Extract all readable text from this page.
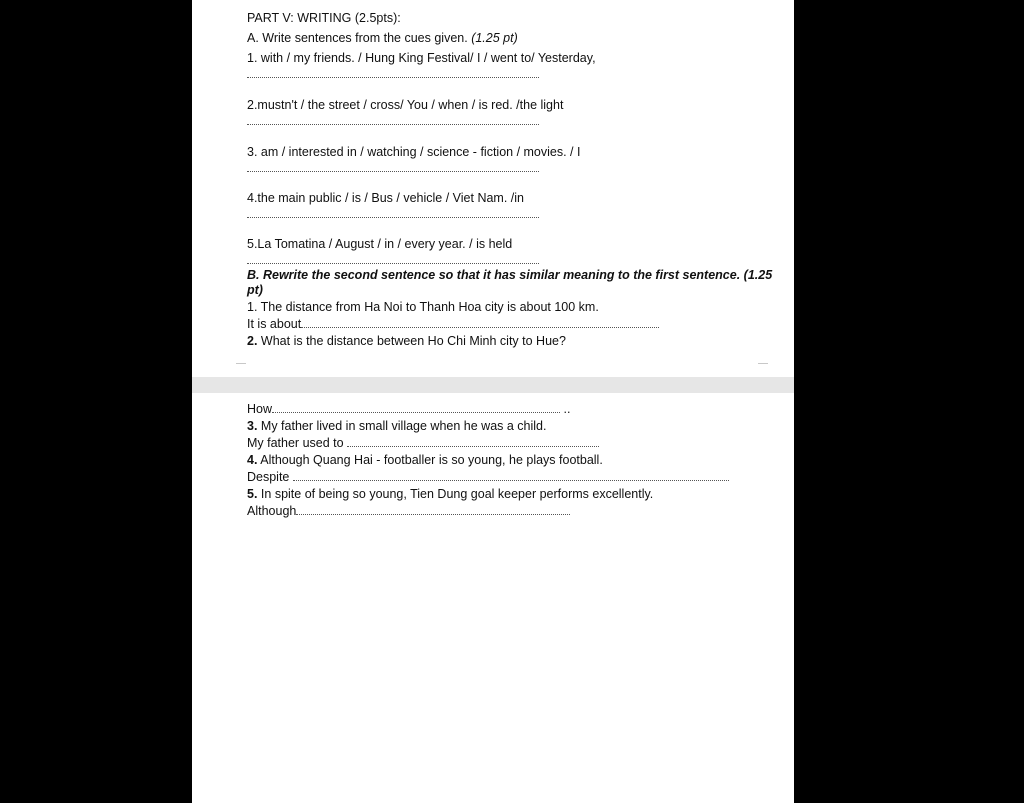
PART V: WRITING (2.5pts):
A. Write sentences from the cues given. (1.25 pt)
1. with / my friends. / Hung King Festival/ I / went to/ Yesterday,
2.mustn't / the street / cross/ You / when / is red. /the light
3. am / interested in / watching / science - fiction / movies. / I
4.the main public / is / Bus / vehicle / Viet Nam. /in
5.La Tomatina / August / in / every year. / is held
B. Rewrite the second sentence so that it has similar meaning to the first sentence. (1.25
pt)
1. The distance from Ha Noi to Thanh Hoa city is about 100 km.
It is about
2. What is the distance between Ho Chi Minh city to Hue?
How	..
3. My father lived in small village when he was a child.
My father used to
4. Although Quang Hai - footballer is so young, he plays football.
Despite
5. In spite of being so young, Tien Dung goal keeper performs excellently.
Although
